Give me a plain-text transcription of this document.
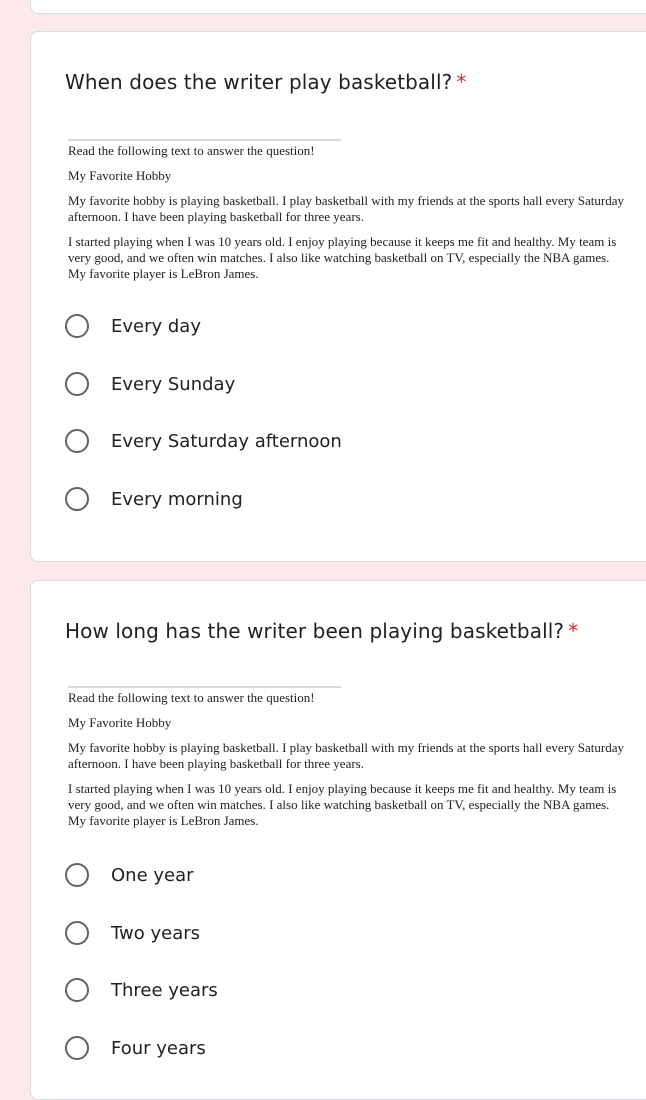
When does the writer play basketball? *

Read the following text to answer the question!

My Favorite Hobby

My favorite hobby is playing basketball. I play basketball with my friends at the sports hall every Saturday afternoon. I have been playing basketball for three years.

I started playing when I was 10 years old. I enjoy playing because it keeps me fit and healthy. My team is very good, and we often win matches. I also like watching basketball on TV, especially the NBA games. My favorite player is LeBron James.

Every day
Every Sunday
Every Saturday afternoon
Every morning
How long has the writer been playing basketball? *

Read the following text to answer the question!

My Favorite Hobby

My favorite hobby is playing basketball. I play basketball with my friends at the sports hall every Saturday afternoon. I have been playing basketball for three years.

I started playing when I was 10 years old. I enjoy playing because it keeps me fit and healthy. My team is very good, and we often win matches. I also like watching basketball on TV, especially the NBA games. My favorite player is LeBron James.

One year
Two years
Three years
Four years
